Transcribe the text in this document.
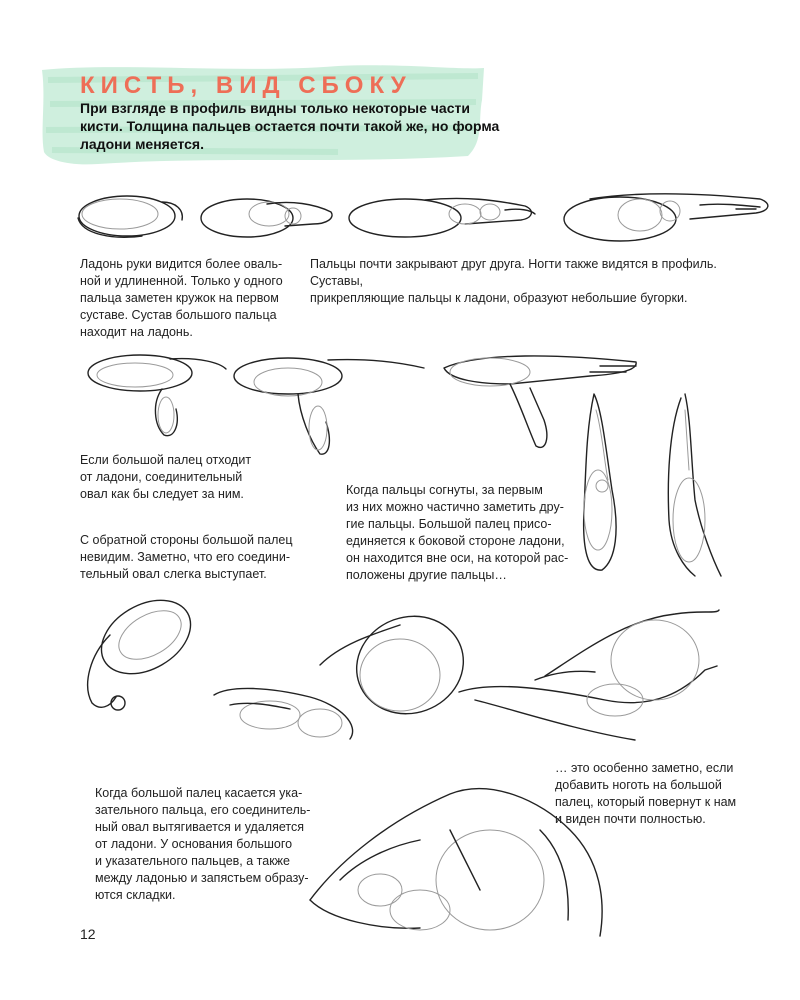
КИСТЬ, ВИД СБОКУ

При взгляде в профиль видны только некоторые части кисти. Толщина пальцев остается почти такой же, но форма ладони меняется.

Ладонь руки видится более оваль-
ной и удлиненной. Только у одного
пальца заметен кружок на первом
суставе. Сустав большого пальца
находит на ладонь.

Пальцы почти закрывают друг друга. Ногти также видятся в профиль. Суставы,
прикрепляющие пальцы к ладони, образуют небольшие бугорки.

Если большой палец отходит
от ладони, соединительный
овал как бы следует за ним.

С обратной стороны большой палец
невидим. Заметно, что его соедини-
тельный овал слегка выступает.

Когда пальцы согнуты, за первым
из них можно частично заметить дру-
гие пальцы. Большой палец присо-
единяется к боковой стороне ладони,
он находится вне оси, на которой рас-
положены другие пальцы…

Когда большой палец касается ука-
зательного пальца, его соединитель-
ный овал вытягивается и удаляется
от ладони. У основания большого
и указательного пальцев, а также
между ладонью и запястьем образу-
ются складки.

… это особенно заметно, если
добавить ноготь на большой
палец, который повернут к нам
и виден почти полностью.

12
